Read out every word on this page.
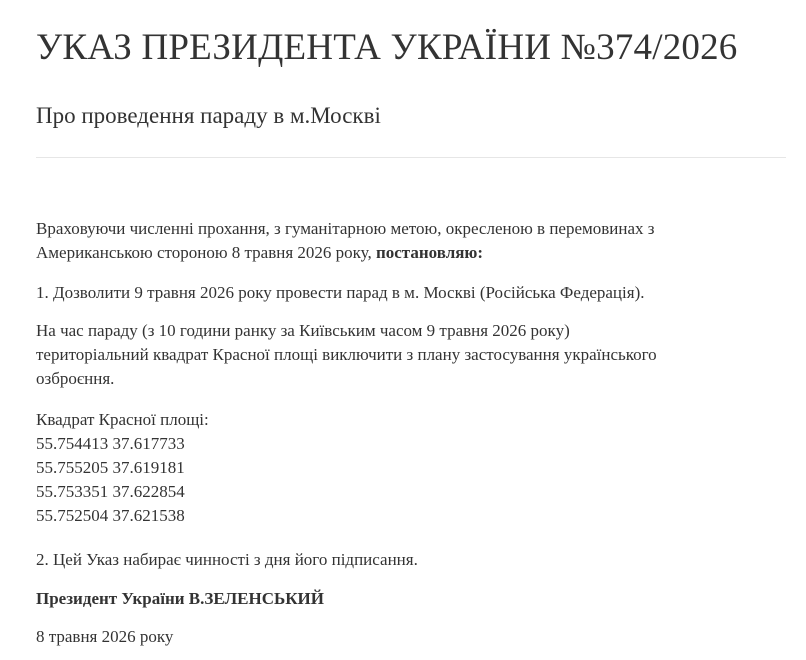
УКАЗ ПРЕЗИДЕНТА УКРАЇНИ №374/2026
Про проведення параду в м.Москві
Враховуючи численні прохання, з гуманітарною метою, окресленою в перемовинах з
Американською стороною 8 травня 2026 року, постановляю:
1. Дозволити 9 травня 2026 року провести парад в м. Москві (Російська Федерація).
На час параду (з 10 години ранку за Київським часом 9 травня 2026 року)
територіальний квадрат Красної площі виключити з плану застосування українського
озброєння.
Квадрат Красної площі:
55.754413 37.617733
55.755205 37.619181
55.753351 37.622854
55.752504 37.621538
2. Цей Указ набирає чинності з дня його підписання.
Президент України В.ЗЕЛЕНСЬКИЙ
8 травня 2026 року
